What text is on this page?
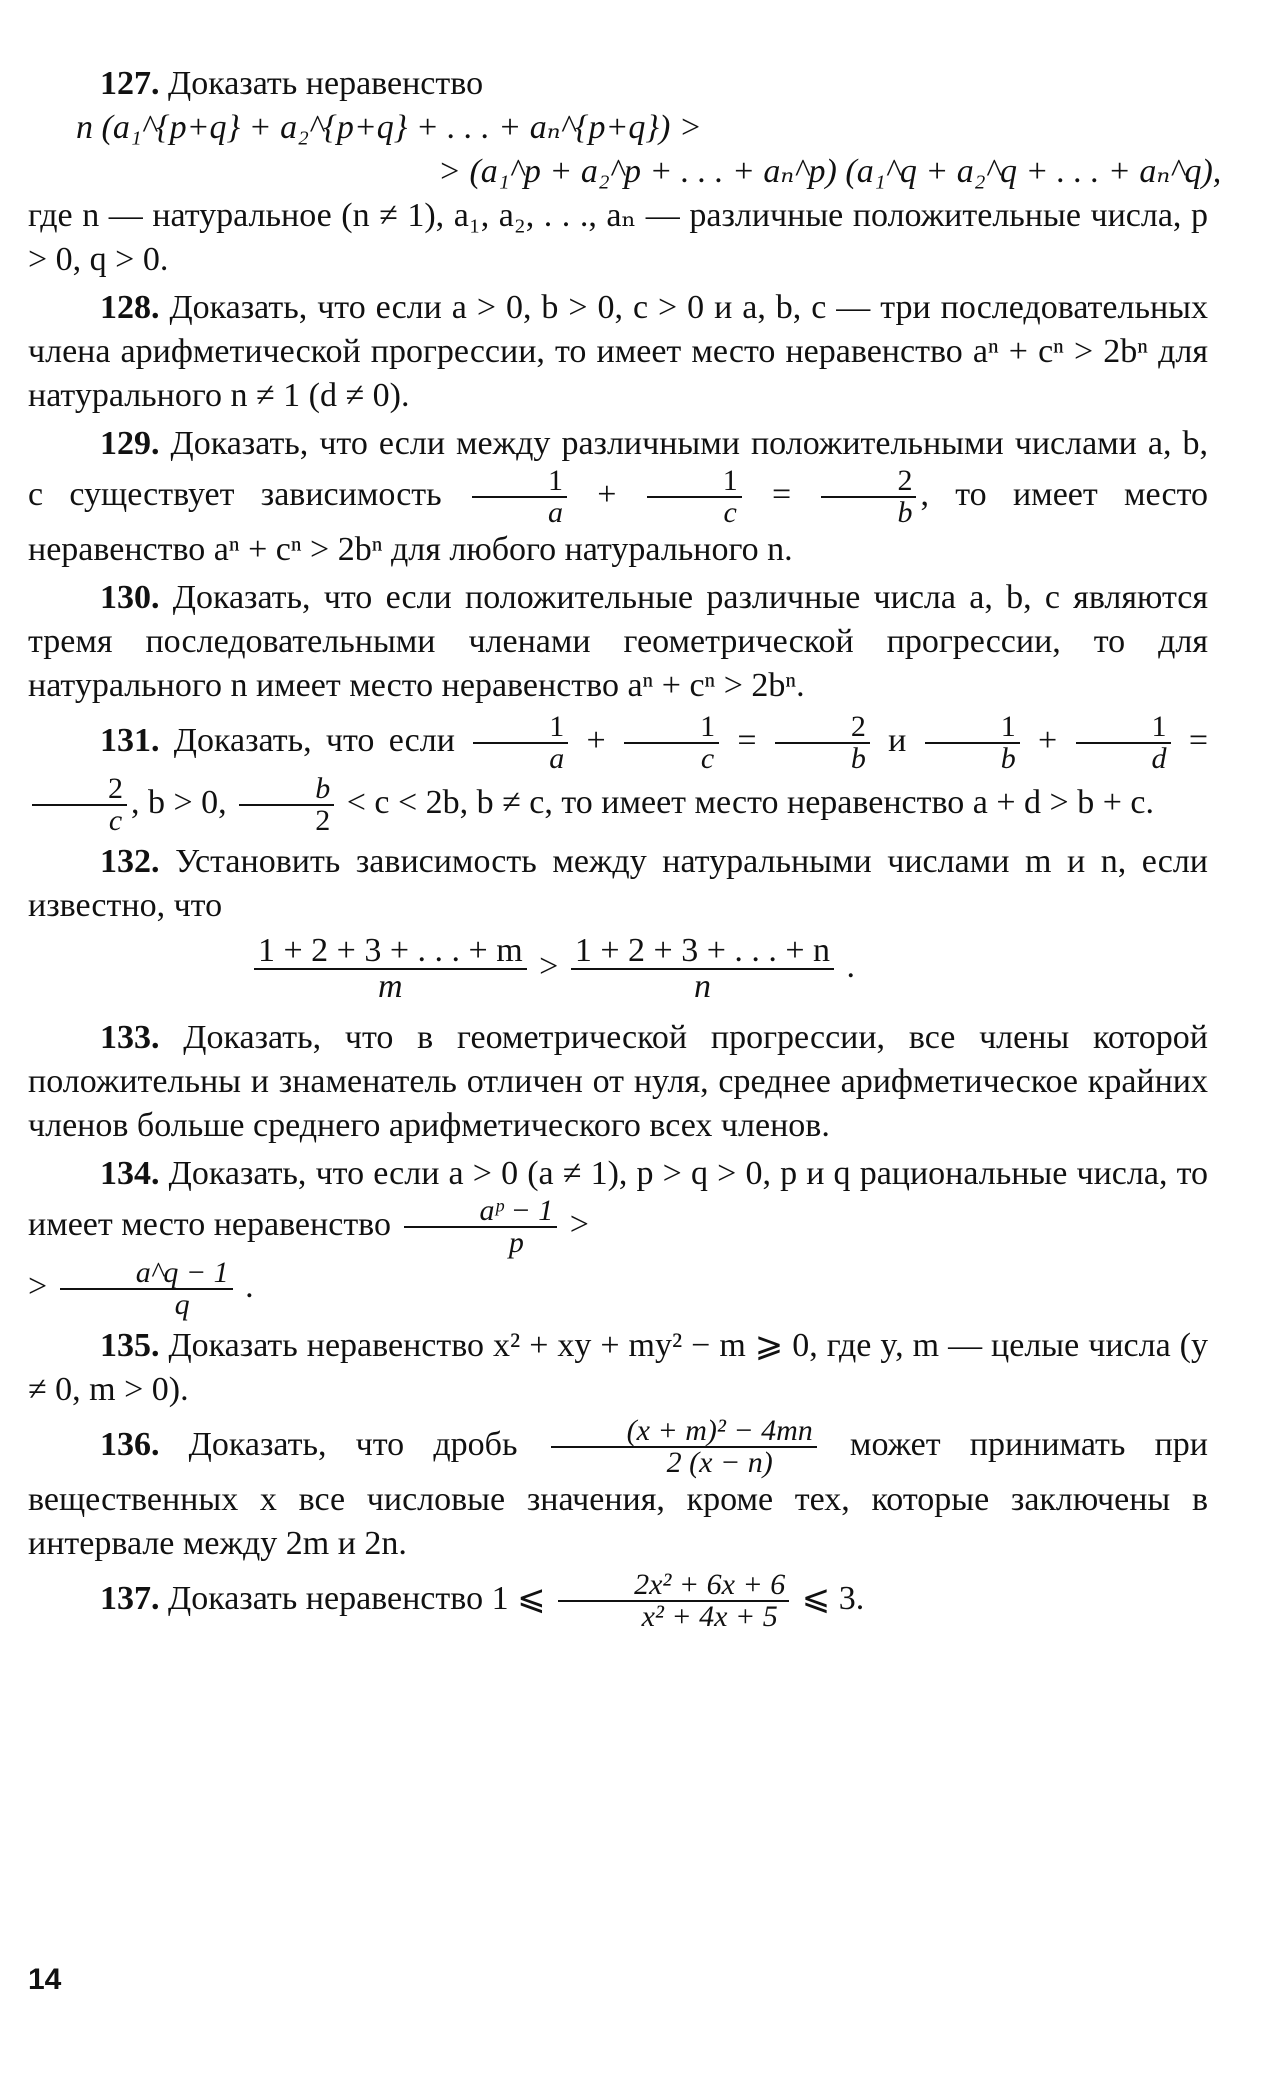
127. Доказать неравенство

n (a₁^{p+q} + a₂^{p+q} + . . . + aₙ^{p+q}) >

> (a₁^p + a₂^p + . . . + aₙ^p) (a₁^q + a₂^q + . . . + aₙ^q),

где n — натуральное (n ≠ 1), a₁, a₂, . . ., aₙ — различные положительные числа, p > 0, q > 0.

128. Доказать, что если a > 0, b > 0, c > 0 и a, b, c — три последовательных члена арифметической прогрессии, то имеет место неравенство aⁿ + cⁿ > 2bⁿ для натурального n ≠ 1 (d ≠ 0).

129. Доказать, что если между различными положительными числами a, b, c существует зависимость $\frac{1}{a} + \frac{1}{c} = \frac{2}{b}$ , то имеет место неравенство aⁿ + cⁿ > 2bⁿ для любого натурального n.

130. Доказать, что если положительные различные числа a, b, c являются тремя последовательными членами геометрической прогрессии, то для натурального n имеет место неравенство aⁿ + cⁿ > 2bⁿ.

131. Доказать, что если $\frac{1}{a} + \frac{1}{c} = \frac{2}{b}$ и $\frac{1}{b} + \frac{1}{d}$ =
$\frac{2}{c}$ , b > 0, $\frac{b}{2} < c < 2b$, b ≠ c, то имеет место неравенство a + d > b + c.

132. Установить зависимость между натуральными числами m и n, если известно, что

$\frac{1 + 2 + 3 + . . . + m}{m} > \frac{1 + 2 + 3 + . . . + n}{n}$ .

133. Доказать, что в геометрической прогрессии, все члены которой положительны и знаменатель отличен от нуля, среднее арифметическое крайних членов больше среднего арифметического всех членов.

134. Доказать, что если a > 0 (a ≠ 1), p > q > 0, p и q рациональные числа, то имеет место неравенство $\frac{\text{aᵖ − 1}}{p}$ >
> $\frac{a\^{}q - 1}{q}$ .

135. Доказать неравенство x² + xy + my² − m ⩾ 0, где y, m — целые числа (y ≠ 0, m > 0).

136. Доказать, что дробь $\frac{\text{(x + m)² − 4mn}}{2 (x - n)}$ может принимать при вещественных x все числовые значения, кроме тех, которые заключены в интервале между 2m и 2n.

137. Доказать неравенство 1 ⩽ $\frac{\text{2x² + 6x + 6}}{\text{x² + 4x + 5}}$ ⩽ 3.

14
